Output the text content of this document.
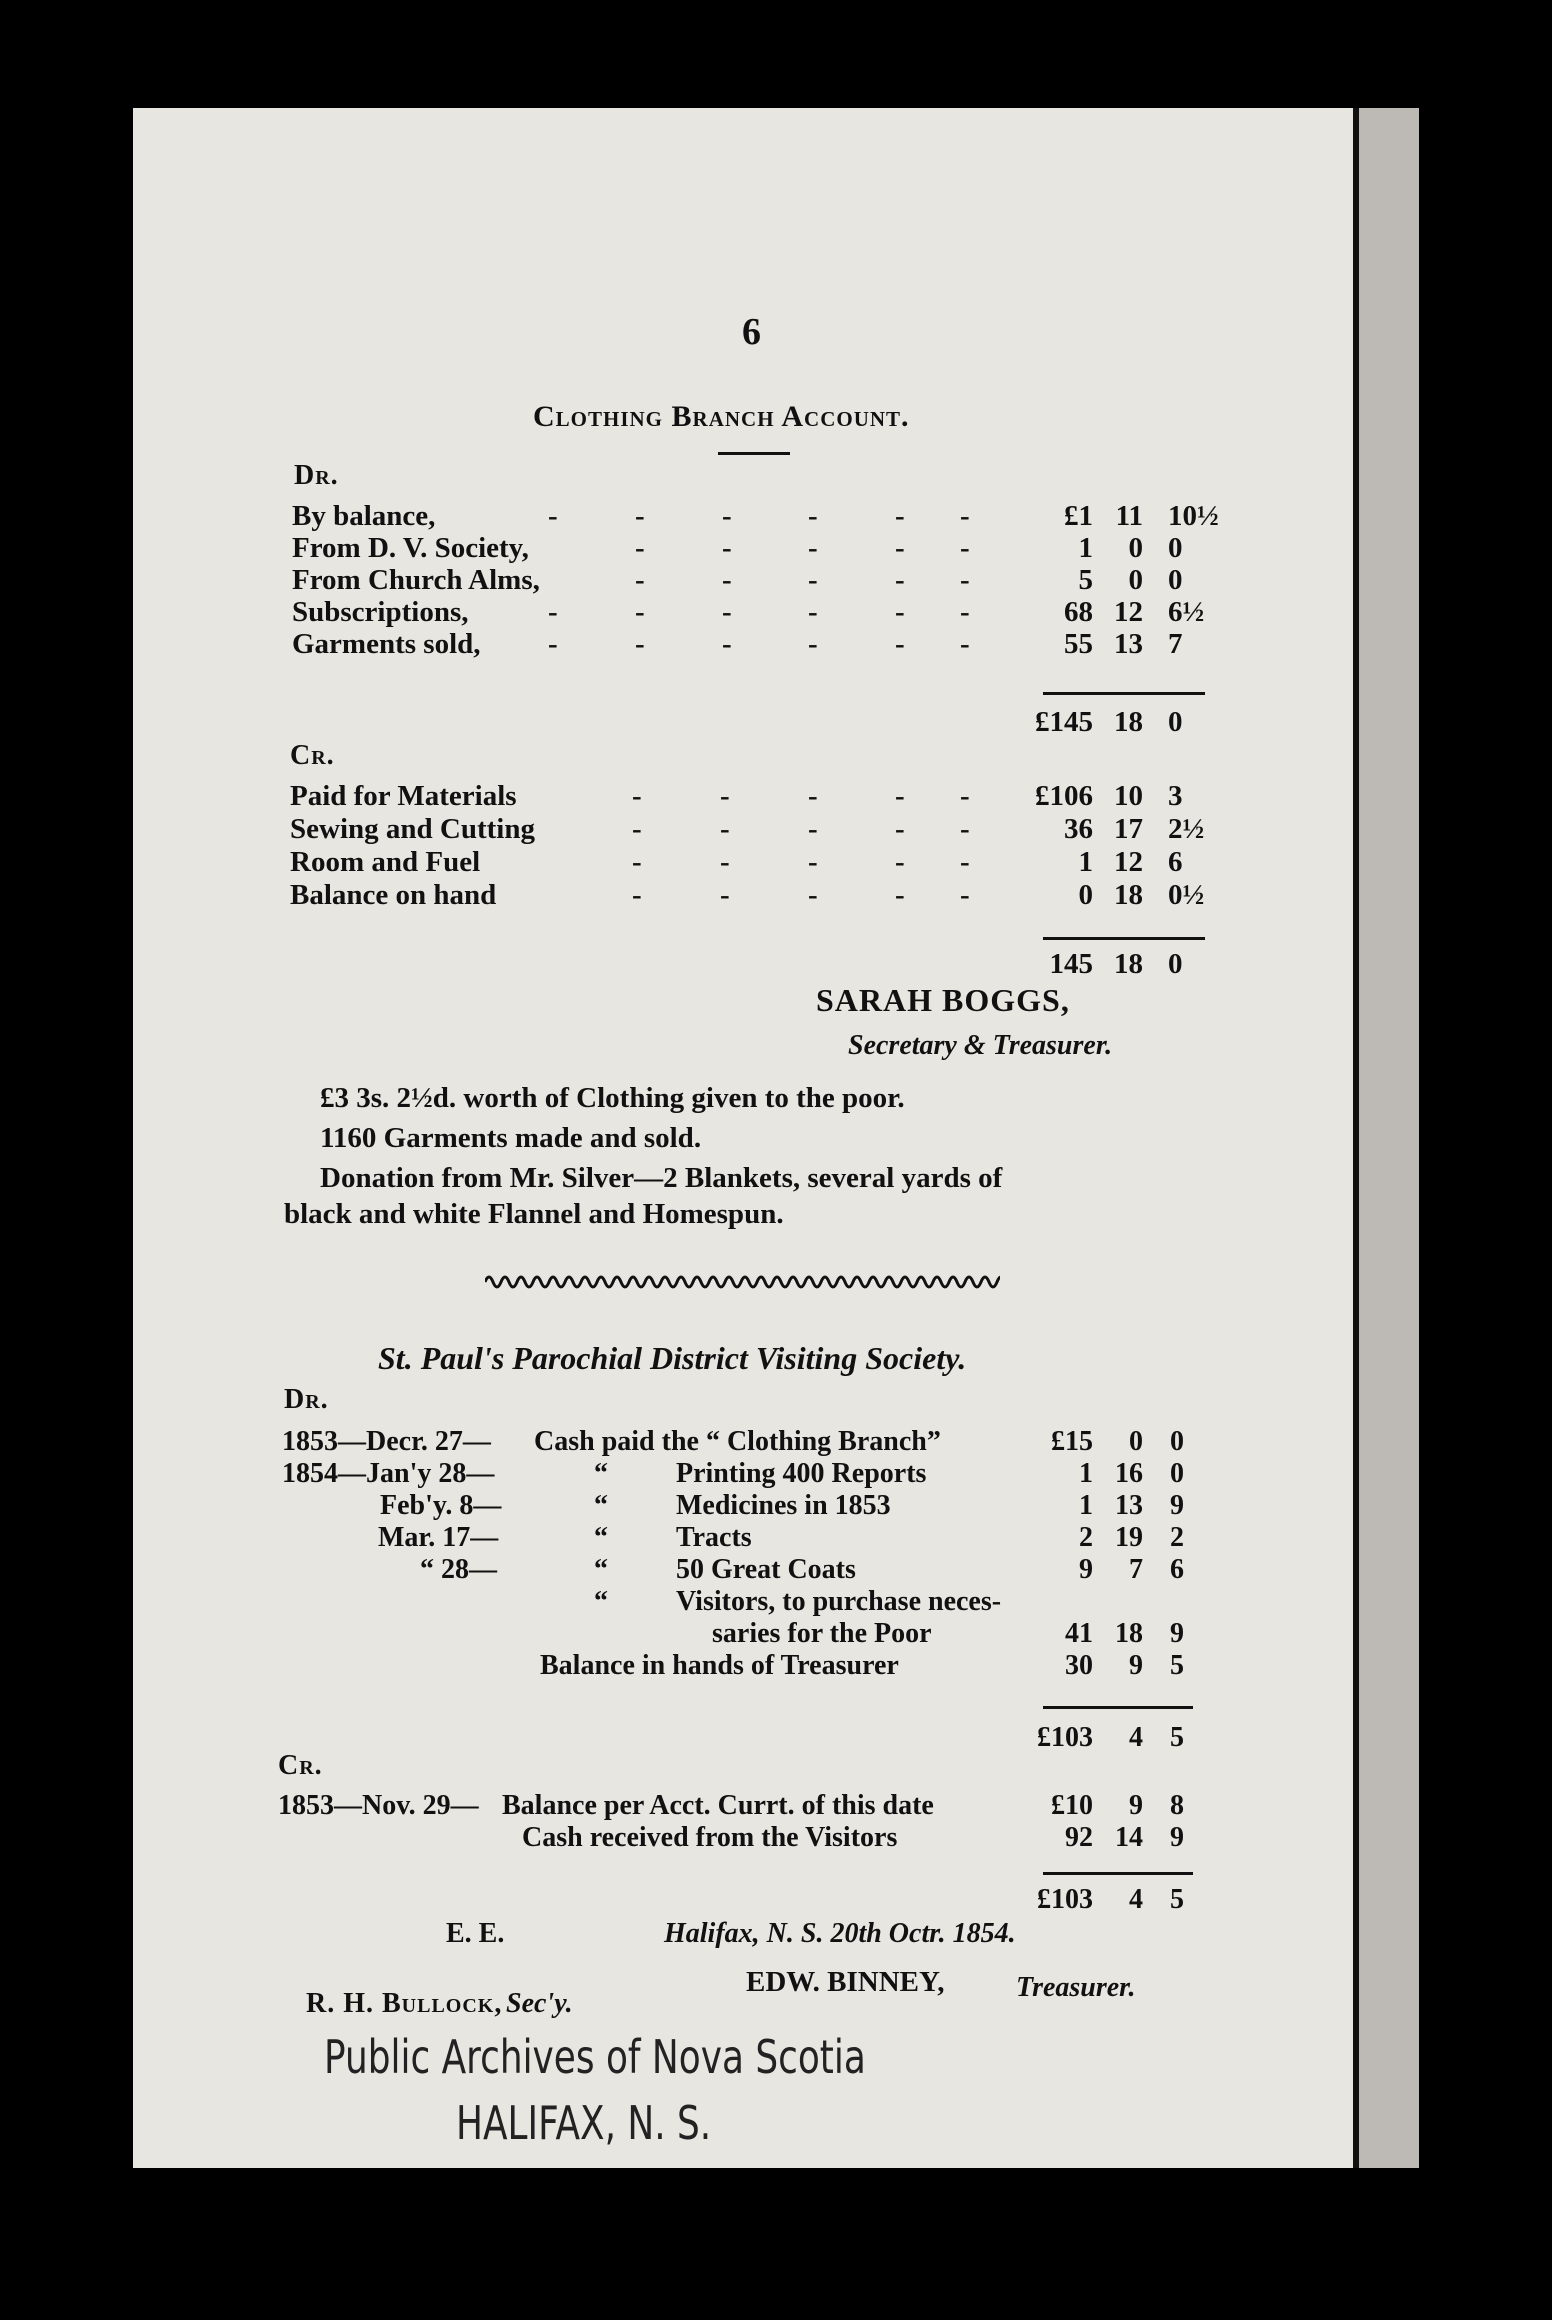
6
Clothing Branch Account.
Dr.
By balance,	-	-	-	-	- -	£1 11 10½
From D. V. Society,	-	-	-	- -	1	0 0
From Church Alms,	-	-	-	- -	5	0 0
Subscriptions,	-	-	-	-	- -	68 12 6½
Garments sold, -	-	-	-	- -	55 13 7
£145 18 0
Cr.
Paid for Materials	-	-	-	- -	£106 10 3
Sewing and Cutting	-	-	-	- -	36 17 2½
Room and Fuel	-	-	-	- -	1 12 6
Balance on hand	-	-	-	- -	0 18 0½
145 18 0
SARAH BOGGS,
Secretary & Treasurer.
£3 3s. 2½d. worth of Clothing given to the poor.
1160 Garments made and sold.
Donation from Mr. Silver—2 Blankets, several yards of
black and white Flannel and Homespun.
St. Paul's Parochial District Visiting Society.
Dr.
1853—Decr. 27— Cash paid the “ Clothing Branch”	£15	0 0
1854—Jan'y 28—	“ Printing 400 Reports	1 16 0
Feb'y. 8—	“ Medicines in 1853	1 13 9
Mar. 17—	“ Tracts	2 19 2
“ 28—	“ 50 Great Coats	9	7 6
“ Visitors, to purchase neces-
saries for the Poor	41 18 9
Balance in hands of Treasurer	30	9 5
£103	4 5
Cr.
1853—Nov. 29— Balance per Acct. Currt. of this date	£10	9 8
Cash received from the Visitors	92 14 9
£103	4 5
E. E.	Halifax, N. S. 20th Octr. 1854.
EDW. BINNEY,	Treasurer.
R. H. Bullock, Sec'y.
Public Archives of Nova Scotia
HALIFAX, N. S.
